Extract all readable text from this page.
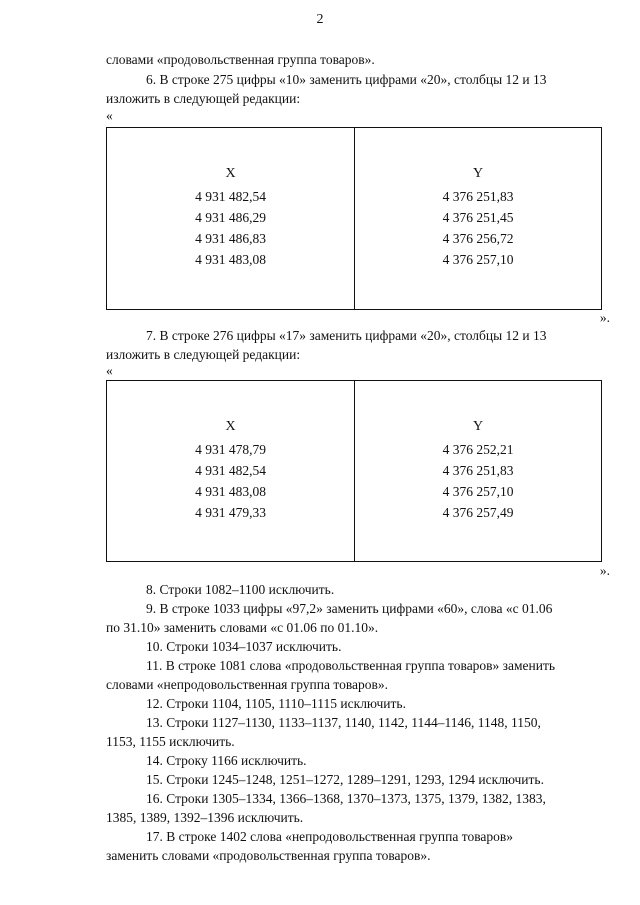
2
словами «продовольственная группа товаров».
6. В строке 275 цифры «10» заменить цифрами «20», столбцы 12 и 13
изложить в следующей редакции:
«
X
4 931 482,54
4 931 486,29
4 931 486,83
4 931 483,08
Y
4 376 251,83
4 376 251,45
4 376 256,72
4 376 257,10
».
7. В строке 276 цифры «17» заменить цифрами «20», столбцы 12 и 13
изложить в следующей редакции:
«
X
4 931 478,79
4 931 482,54
4 931 483,08
4 931 479,33
Y
4 376 252,21
4 376 251,83
4 376 257,10
4 376 257,49
».
8. Строки 1082–1100 исключить.
9. В строке 1033 цифры «97,2» заменить цифрами «60», слова «с 01.06
по 31.10» заменить словами «с 01.06 по 01.10».
10. Строки 1034–1037 исключить.
11. В строке 1081 слова «продовольственная группа товаров» заменить
словами «непродовольственная группа товаров».
12. Строки 1104, 1105, 1110–1115 исключить.
13. Строки 1127–1130, 1133–1137, 1140, 1142, 1144–1146, 1148, 1150,
1153, 1155 исключить.
14. Строку 1166 исключить.
15. Строки 1245–1248, 1251–1272, 1289–1291, 1293, 1294 исключить.
16. Строки 1305–1334, 1366–1368, 1370–1373, 1375, 1379, 1382, 1383,
1385, 1389, 1392–1396 исключить.
17. В строке 1402 слова «непродовольственная группа товаров»
заменить словами «продовольственная группа товаров».
